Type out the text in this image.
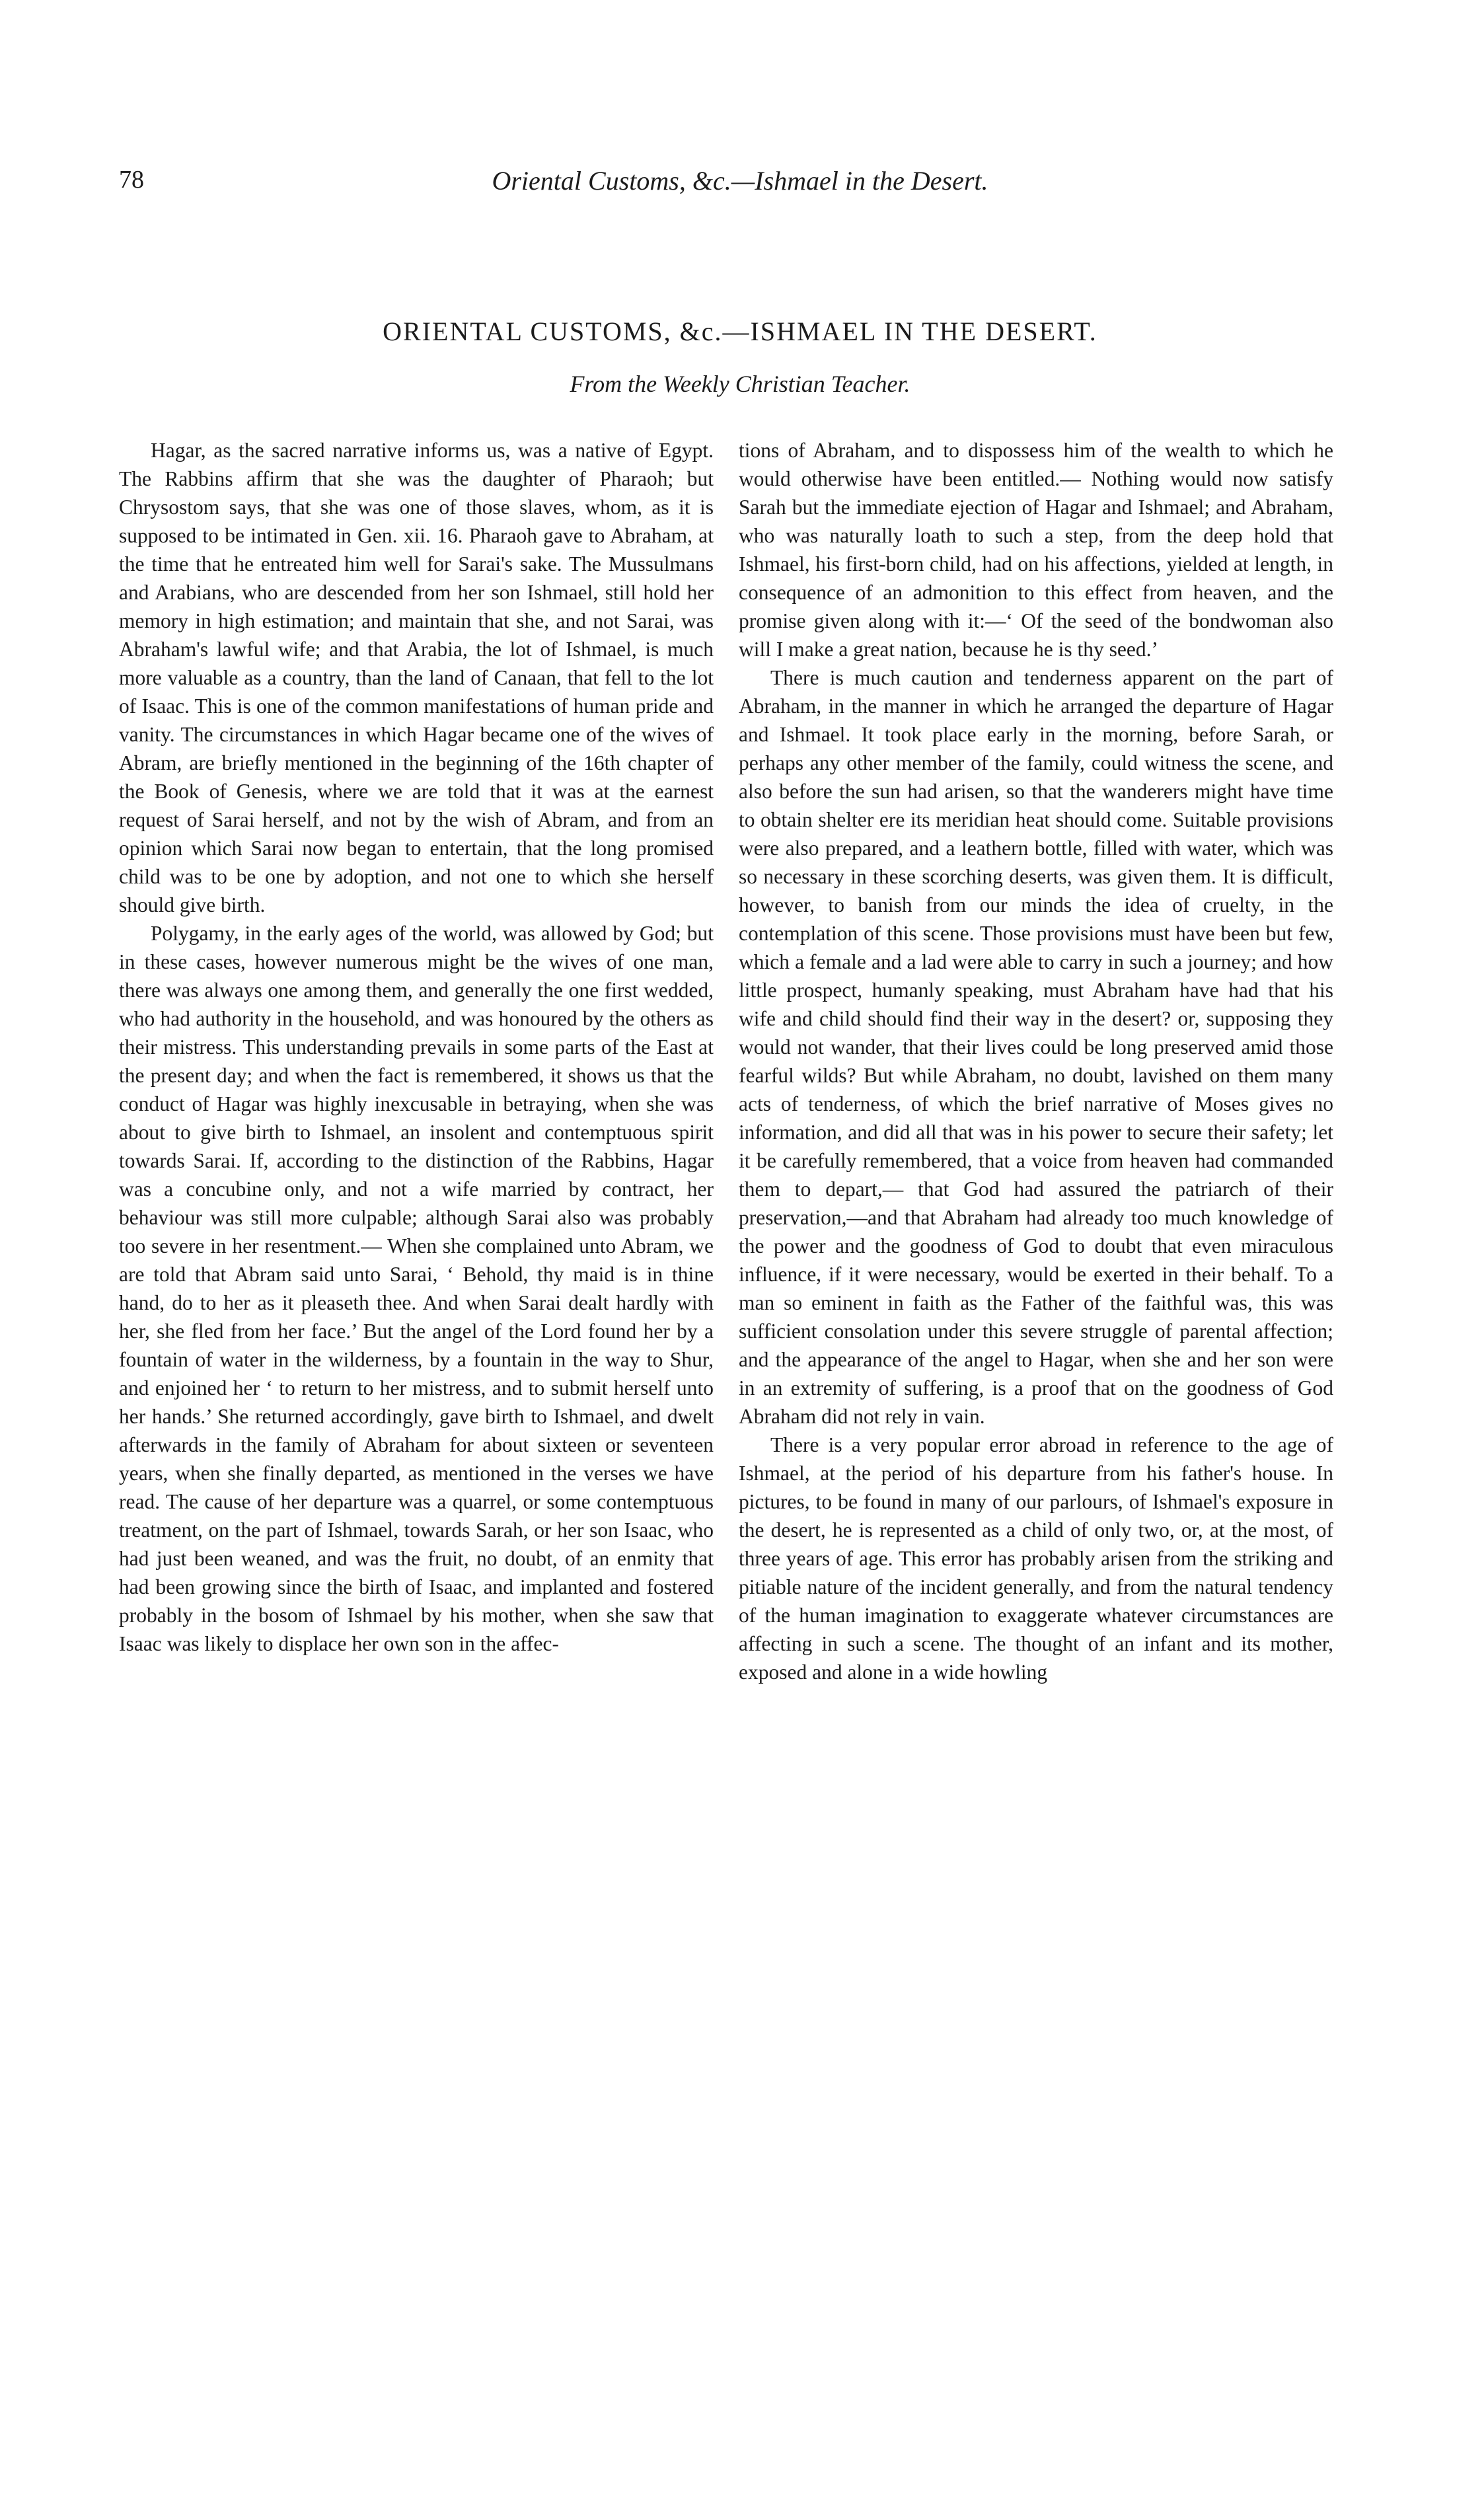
78	Oriental Customs, &c.—Ishmael in the Desert.
ORIENTAL CUSTOMS, &c.—ISHMAEL IN THE DESERT.
From the Weekly Christian Teacher.

Hagar, as the sacred narrative informs us, was a native of Egypt. The Rabbins affirm that she was the daughter of Pharaoh; but Chrysostom says, that she was one of those slaves, whom, as it is supposed to be intimated in Gen. xii. 16. Pharaoh gave to Abraham, at the time that he entreated him well for Sarai's sake. The Mussulmans and Arabians, who are descended from her son Ishmael, still hold her memory in high estimation; and maintain that she, and not Sarai, was Abraham's lawful wife; and that Arabia, the lot of Ishmael, is much more valuable as a country, than the land of Canaan, that fell to the lot of Isaac. This is one of the common manifestations of human pride and vanity. The circumstances in which Hagar became one of the wives of Abram, are briefly mentioned in the beginning of the 16th chapter of the Book of Genesis, where we are told that it was at the earnest request of Sarai herself, and not by the wish of Abram, and from an opinion which Sarai now began to entertain, that the long promised child was to be one by adoption, and not one to which she herself should give birth.

Polygamy, in the early ages of the world, was allowed by God; but in these cases, however numerous might be the wives of one man, there was always one among them, and generally the one first wedded, who had authority in the household, and was honoured by the others as their mistress. This understanding prevails in some parts of the East at the present day; and when the fact is remembered, it shows us that the conduct of Hagar was highly inexcusable in betraying, when she was about to give birth to Ishmael, an insolent and contemptuous spirit towards Sarai. If, according to the distinction of the Rabbins, Hagar was a concubine only, and not a wife married by contract, her behaviour was still more culpable; although Sarai also was probably too severe in her resentment.— When she complained unto Abram, we are told that Abram said unto Sarai, ‘ Behold, thy maid is in thine hand, do to her as it pleaseth thee. And when Sarai dealt hardly with her, she fled from her face.’ But the angel of the Lord found her by a fountain of water in the wilderness, by a fountain in the way to Shur, and enjoined her ‘ to return to her mistress, and to submit herself unto her hands.’ She returned accordingly, gave birth to Ishmael, and dwelt afterwards in the family of Abraham for about sixteen or seventeen years, when she finally departed, as mentioned in the verses we have read. The cause of her departure was a quarrel, or some contemptuous treatment, on the part of Ishmael, towards Sarah, or her son Isaac, who had just been weaned, and was the fruit, no doubt, of an enmity that had been growing since the birth of Isaac, and implanted and fostered probably in the bosom of Ishmael by his mother, when she saw that Isaac was likely to displace her own son in the affec-

tions of Abraham, and to dispossess him of the wealth to which he would otherwise have been entitled.— Nothing would now satisfy Sarah but the immediate ejection of Hagar and Ishmael; and Abraham, who was naturally loath to such a step, from the deep hold that Ishmael, his first-born child, had on his affections, yielded at length, in consequence of an admonition to this effect from heaven, and the promise given along with it:—‘ Of the seed of the bondwoman also will I make a great nation, because he is thy seed.’

There is much caution and tenderness apparent on the part of Abraham, in the manner in which he arranged the departure of Hagar and Ishmael. It took place early in the morning, before Sarah, or perhaps any other member of the family, could witness the scene, and also before the sun had arisen, so that the wanderers might have time to obtain shelter ere its meridian heat should come. Suitable provisions were also prepared, and a leathern bottle, filled with water, which was so necessary in these scorching deserts, was given them. It is difficult, however, to banish from our minds the idea of cruelty, in the contemplation of this scene. Those provisions must have been but few, which a female and a lad were able to carry in such a journey; and how little prospect, humanly speaking, must Abraham have had that his wife and child should find their way in the desert? or, supposing they would not wander, that their lives could be long preserved amid those fearful wilds? But while Abraham, no doubt, lavished on them many acts of tenderness, of which the brief narrative of Moses gives no information, and did all that was in his power to secure their safety; let it be carefully remembered, that a voice from heaven had commanded them to depart,— that God had assured the patriarch of their preservation,—and that Abraham had already too much knowledge of the power and the goodness of God to doubt that even miraculous influence, if it were necessary, would be exerted in their behalf. To a man so eminent in faith as the Father of the faithful was, this was sufficient consolation under this severe struggle of parental affection; and the appearance of the angel to Hagar, when she and her son were in an extremity of suffering, is a proof that on the goodness of God Abraham did not rely in vain.

There is a very popular error abroad in reference to the age of Ishmael, at the period of his departure from his father's house. In pictures, to be found in many of our parlours, of Ishmael's exposure in the desert, he is represented as a child of only two, or, at the most, of three years of age. This error has probably arisen from the striking and pitiable nature of the incident generally, and from the natural tendency of the human imagination to exaggerate whatever circumstances are affecting in such a scene. The thought of an infant and its mother, exposed and alone in a wide howling
